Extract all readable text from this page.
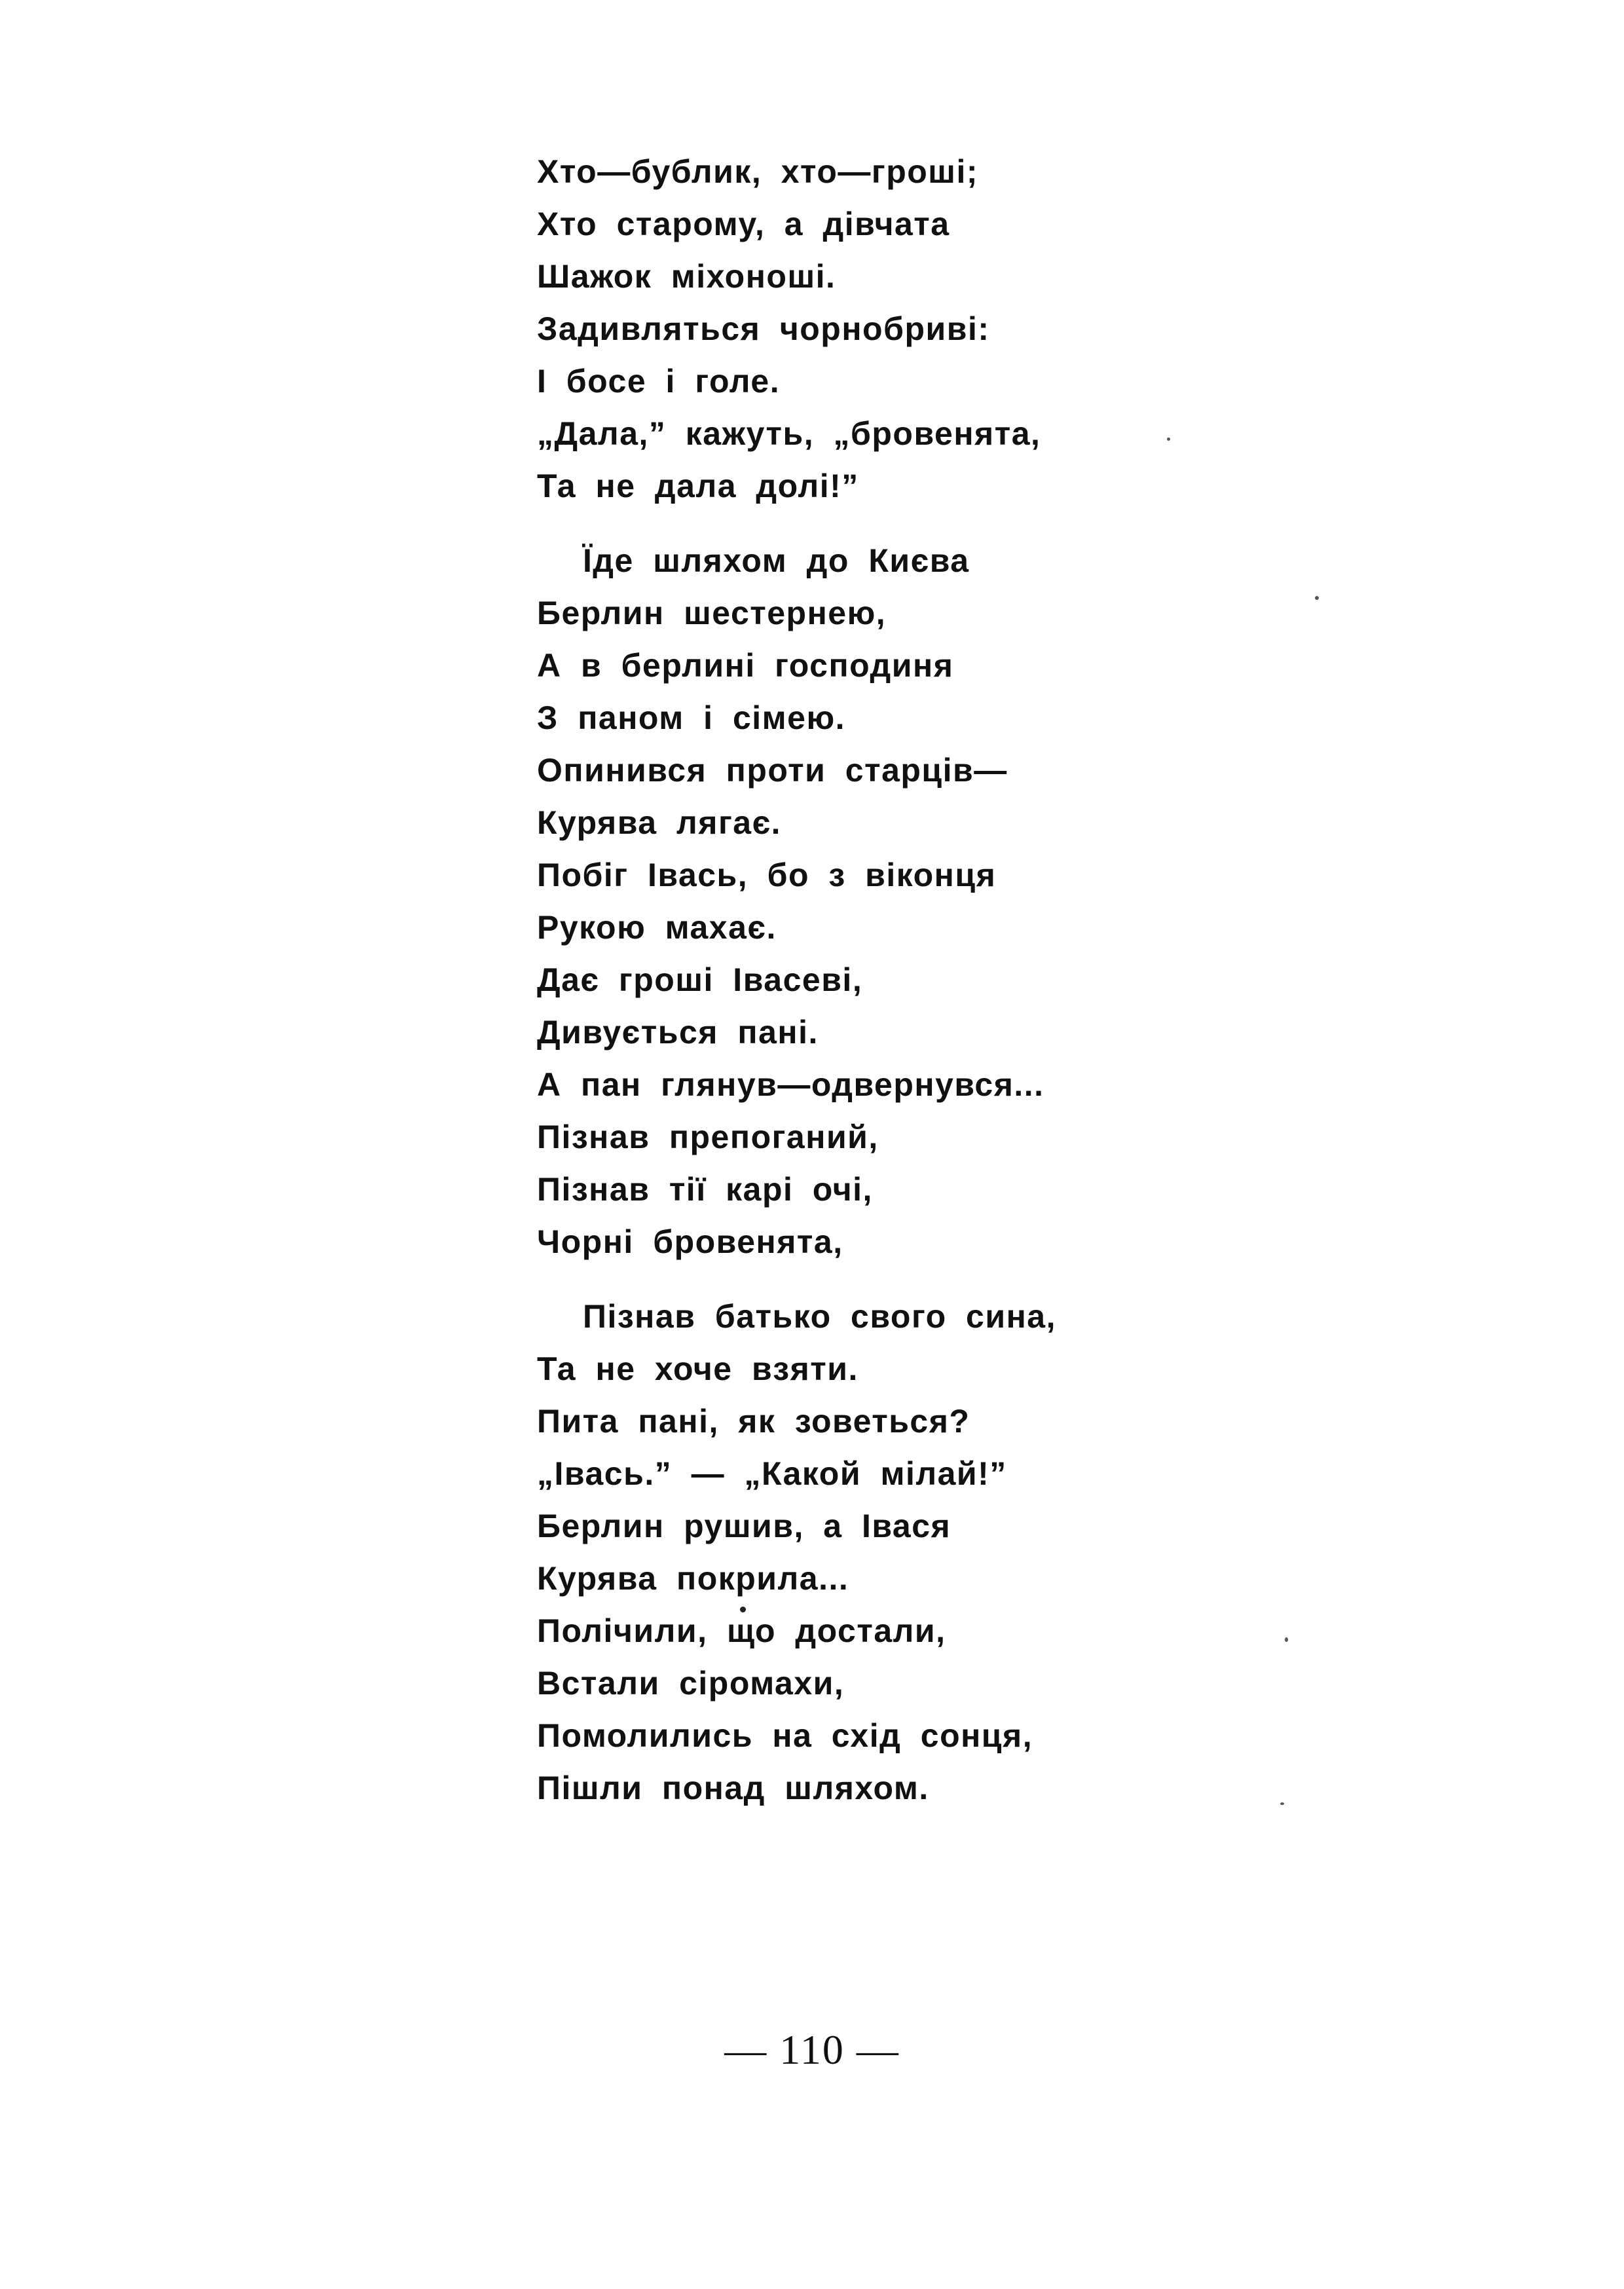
Хто—бублик, хто—гроші;
Хто старому, а дівчата
Шажок міхоноші.
Задивляться чорнобриві:
І босе і голе.
„Дала,” кажуть, „бровенята,
Та не дала долі!”
Їде шляхом до Києва
Берлин шестернею,
А в берлині господиня
З паном і сімею.
Опинився проти старців—
Курява лягає.
Побіг Івась, бо з віконця
Рукою махає.
Дає гроші Івасеві,
Дивується пані.
А пан глянув—одвернувся...
Пізнав препоганий,
Пізнав тії карі очі,
Чорні бровенята,
Пізнав батько свого сина,
Та не хоче взяти.
Пита пані, як зоветься?
„Івась.” — „Какой мілай!”
Берлин рушив, а Івася
Курява покрила...
Полічили, що достали,
Встали сіромахи,
Помолились на схід сонця,
Пішли понад шляхом.
— 110 —
